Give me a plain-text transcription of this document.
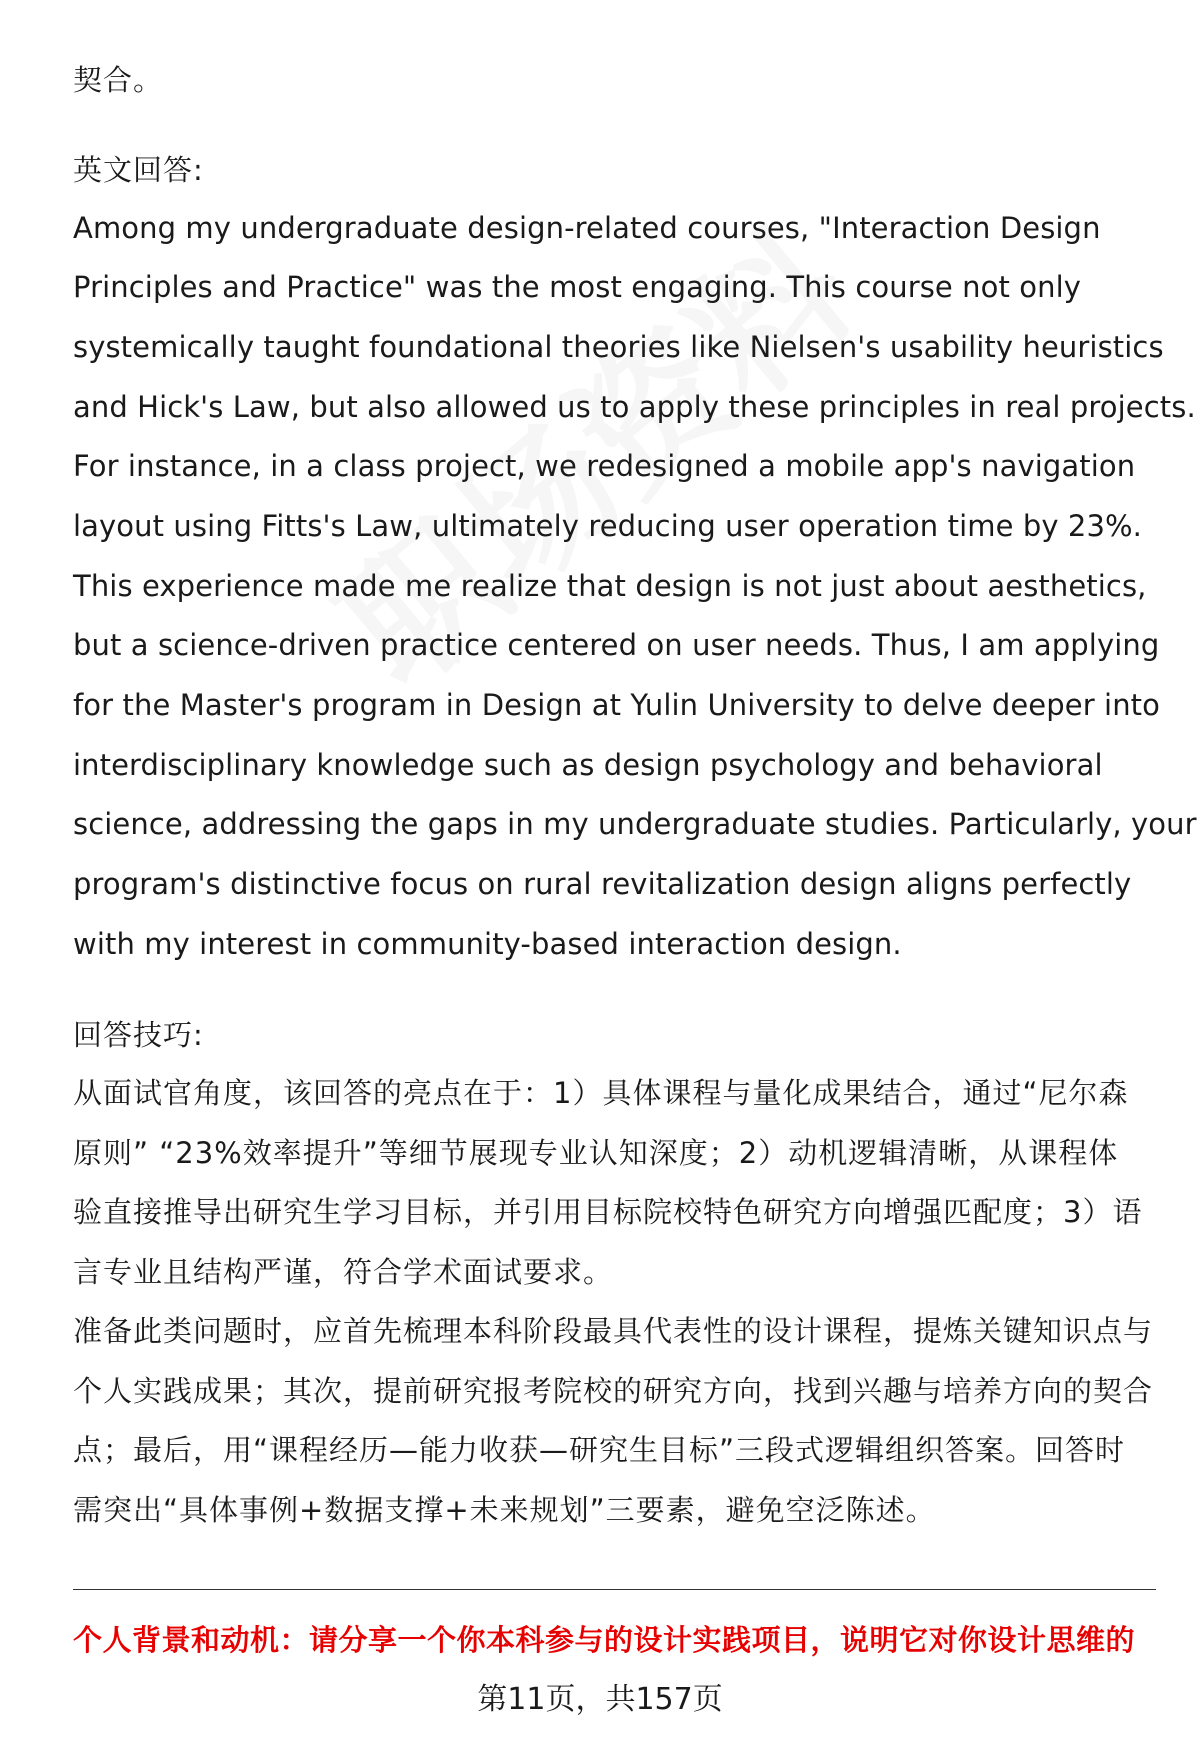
契合。
英文回答:
Among my undergraduate design-related courses, "Interaction Design
Principles and Practice" was the most engaging. This course not only
systemically taught foundational theories like Nielsen's usability heuristics
and Hick's Law, but also allowed us to apply these principles in real projects.
For instance, in a class project, we redesigned a mobile app's navigation
layout using Fitts's Law, ultimately reducing user operation time by 23%.
This experience made me realize that design is not just about aesthetics,
but a science-driven practice centered on user needs. Thus, I am applying
for the Master's program in Design at Yulin University to delve deeper into
interdisciplinary knowledge such as design psychology and behavioral
science, addressing the gaps in my undergraduate studies. Particularly, your
program's distinctive focus on rural revitalization design aligns perfectly
with my interest in community-based interaction design.
回答技巧:
从面试官角度，该回答的亮点在于：1）具体课程与量化成果结合，通过“尼尔森
原则” “23%效率提升”等细节展现专业认知深度；2）动机逻辑清晰，从课程体
验直接推导出研究生学习目标，并引用目标院校特色研究方向增强匹配度；3）语
言专业且结构严谨，符合学术面试要求。
准备此类问题时，应首先梳理本科阶段最具代表性的设计课程，提炼关键知识点与
个人实践成果；其次，提前研究报考院校的研究方向，找到兴趣与培养方向的契合
点；最后，用“课程经历—能力收获—研究生目标”三段式逻辑组织答案。回答时
需突出“具体事例+数据支撑+未来规划”三要素，避免空泛陈述。
个人背景和动机：请分享一个你本科参与的设计实践项目，说明它对你设计思维的
第11页，共157页
